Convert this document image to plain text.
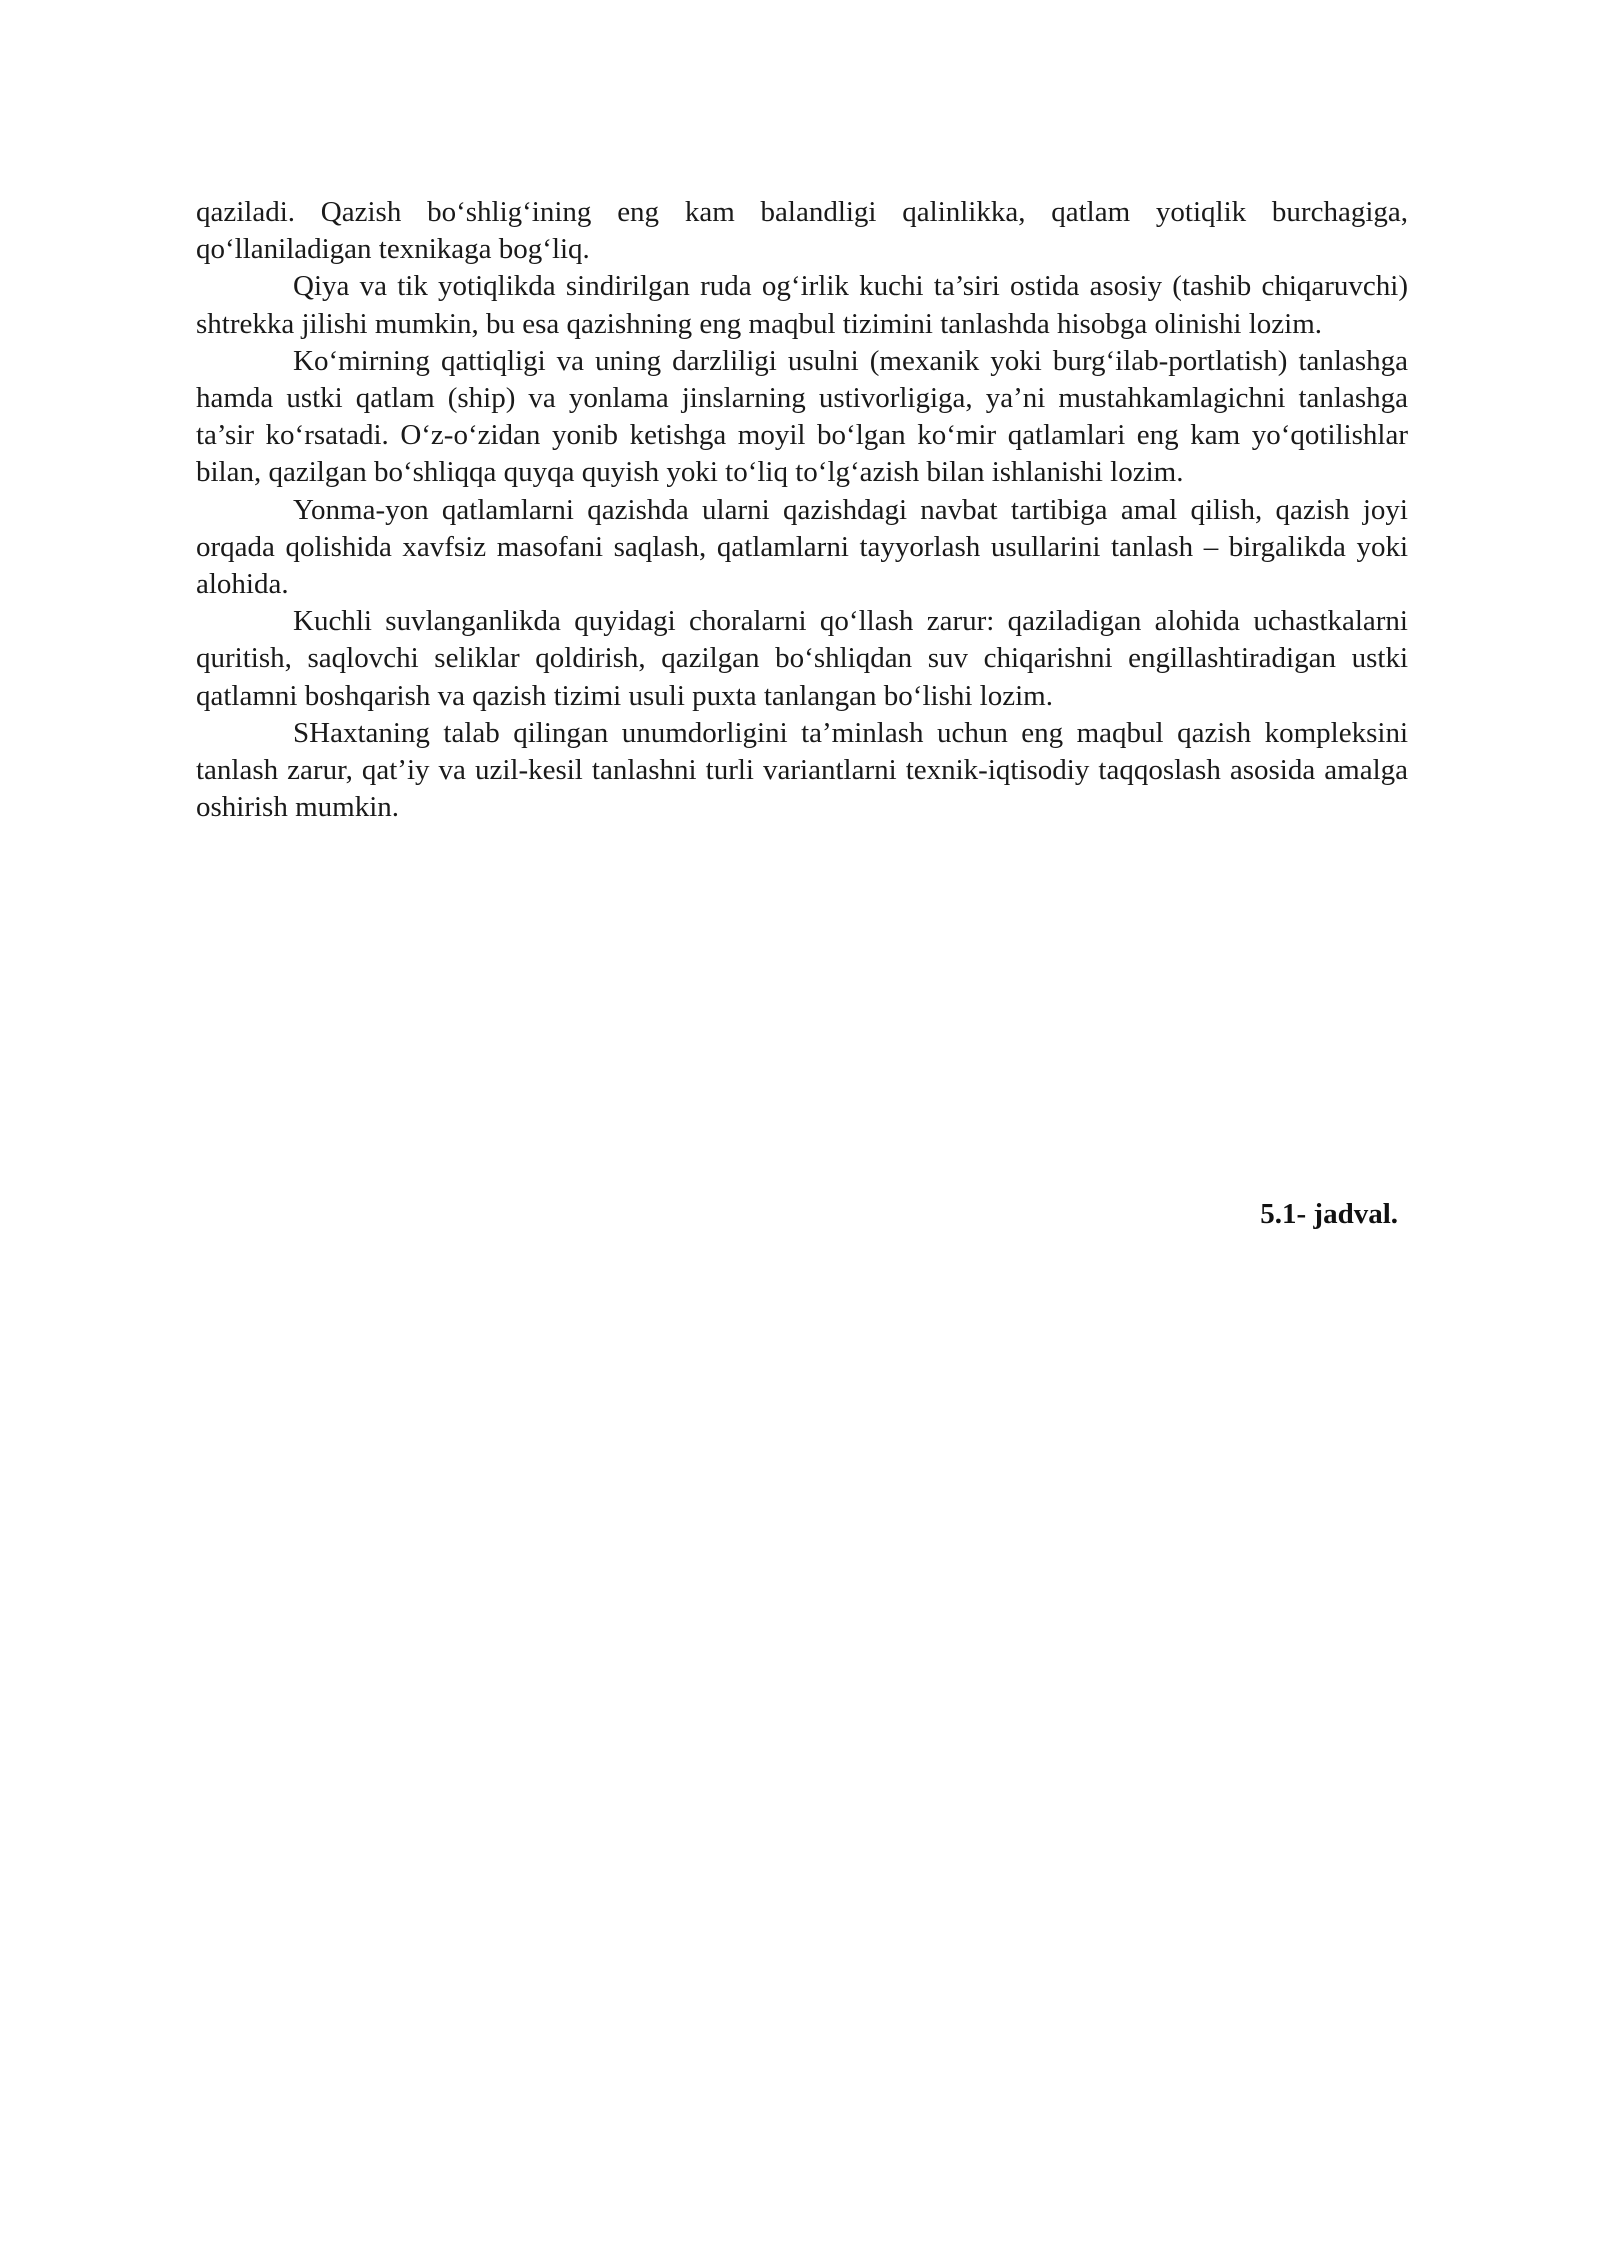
qaziladi. Qazish bo‘shlig‘ining eng kam balandligi qalinlikka, qatlam yotiqlik burchagiga, qo‘llaniladigan texnikaga bog‘liq.

Qiya va tik yotiqlikda sindirilgan ruda og‘irlik kuchi ta’siri ostida asosiy (tashib chiqaruvchi) shtrekka jilishi mumkin, bu esa qazishning eng maqbul tizimini tanlashda hisobga olinishi lozim.

Ko‘mirning qattiqligi va uning darzliligi usulni (mexanik yoki burg‘ilab-portlatish) tanlashga hamda ustki qatlam (ship) va yonlama jinslarning ustivorligiga, ya’ni mustahkamlagichni tanlashga ta’sir ko‘rsatadi. O‘z-o‘zidan yonib ketishga moyil bo‘lgan ko‘mir qatlamlari eng kam yo‘qotilishlar bilan, qazilgan bo‘shliqqa quyqa quyish yoki to‘liq to‘lg‘azish bilan ishlanishi lozim.

Yonma-yon qatlamlarni qazishda ularni qazishdagi navbat tartibiga amal qilish, qazish joyi orqada qolishida xavfsiz masofani saqlash, qatlamlarni tayyorlash usullarini tanlash – birgalikda yoki alohida.

Kuchli suvlanganlikda quyidagi choralarni qo‘llash zarur: qaziladigan alohida uchastkalarni quritish, saqlovchi seliklar qoldirish, qazilgan bo‘shliqdan suv chiqarishni engillashtiradigan ustki qatlamni boshqarish va qazish tizimi usuli puxta tanlangan bo‘lishi lozim.

SHaxtaning talab qilingan unumdorligini ta’minlash uchun eng maqbul qazish kompleksini tanlash zarur, qat’iy va uzil-kesil tanlashni turli variantlarni texnik-iqtisodiy taqqoslash asosida amalga oshirish mumkin.

5.1- jadval.
